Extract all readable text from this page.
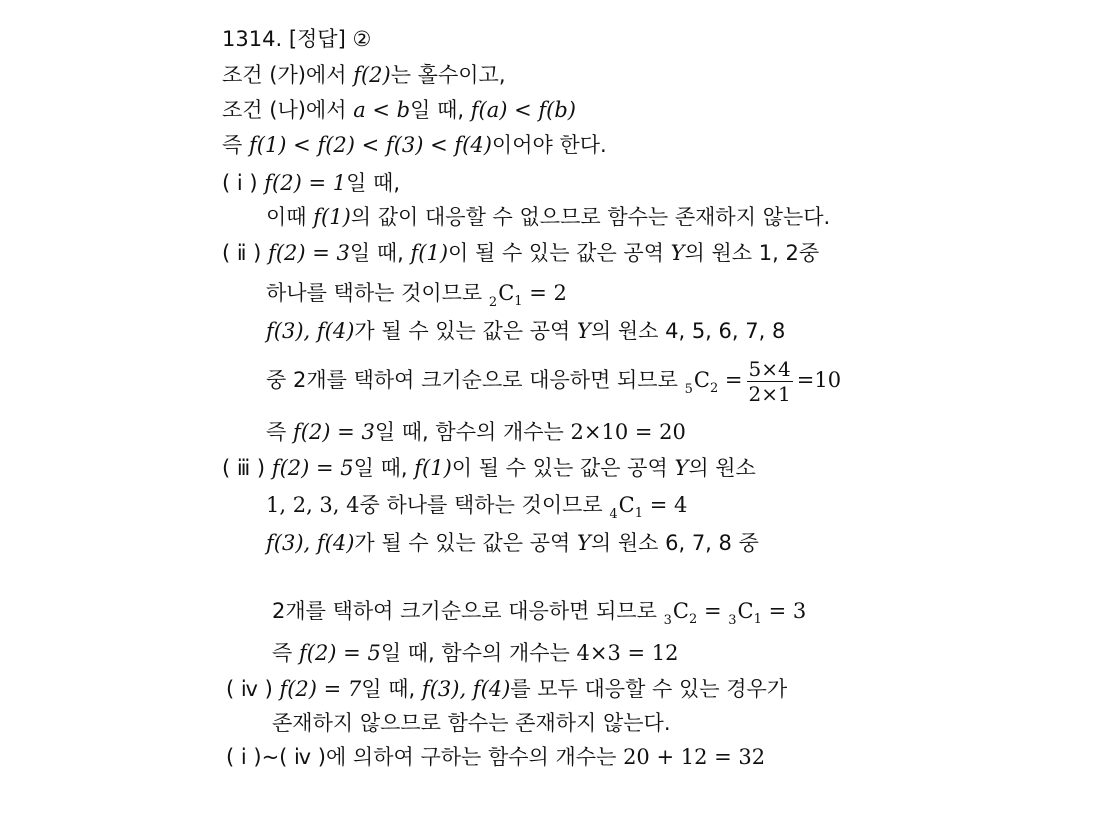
1314. [정답] ②
조건 (가)에서 f(2)는 홀수이고,
조건 (나)에서 a < b일 때, f(a) < f(b)
즉 f(1) < f(2) < f(3) < f(4)이어야 한다.
( ⅰ ) f(2) = 1일 때,
이때 f(1)의 값이 대응할 수 없으므로 함수는 존재하지 않는다.
( ⅱ ) f(2) = 3일 때, f(1)이 될 수 있는 값은 공역 Y의 원소 1, 2중
하나를 택하는 것이므로 $_2C_1 = 2$
f(3), f(4)가 될 수 있는 값은 공역 Y의 원소 4, 5, 6, 7, 8
중 2개를 택하여 크기순으로 대응하면 되므로 $_5C_2 = \frac{5\times 4}{2\times 1} =10$
즉 f(2) = 3일 때, 함수의 개수는 2×10 = 20
( ⅲ ) f(2) = 5일 때, f(1)이 될 수 있는 값은 공역 Y의 원소
1, 2, 3, 4중 하나를 택하는 것이므로 $_4C_1 = 4$
f(3), f(4)가 될 수 있는 값은 공역 Y의 원소 6, 7, 8 중
2개를 택하여 크기순으로 대응하면 되므로 $_3C_2 = _3C_1 = 3$
즉 f(2) = 5일 때, 함수의 개수는 4×3 = 12
( ⅳ ) f(2) = 7일 때, f(3), f(4)를 모두 대응할 수 있는 경우가
존재하지 않으므로 함수는 존재하지 않는다.
( ⅰ )~( ⅳ )에 의하여 구하는 함수의 개수는 20 + 12 = 32
